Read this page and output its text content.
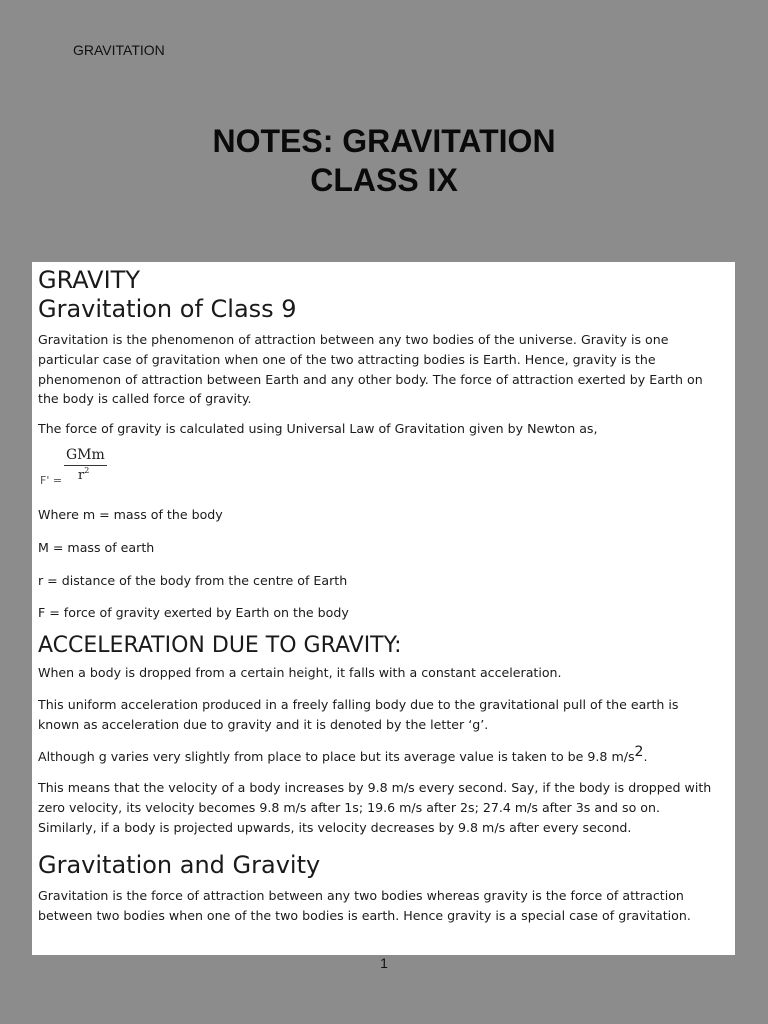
GRAVITATION
NOTES: GRAVITATION
CLASS IX
GRAVITY
Gravitation of Class 9

Gravitation is the phenomenon of attraction between any two bodies of the universe. Gravity is one particular case of gravitation when one of the two attracting bodies is Earth. Hence, gravity is the phenomenon of attraction between Earth and any other body. The force of attraction exerted by Earth on the body is called force of gravity.

The force of gravity is calculated using Universal Law of Gravitation given by Newton as,

F' =
GMm
$r^2$

Where m = mass of the body

M = mass of earth

r = distance of the body from the centre of Earth

F = force of gravity exerted by Earth on the body

ACCELERATION DUE TO GRAVITY:

When a body is dropped from a certain height, it falls with a constant acceleration.

This uniform acceleration produced in a freely falling body due to the gravitational pull of the earth is known as acceleration due to gravity and it is denoted by the letter ‘g’.

Although g varies very slightly from place to place but its average value is taken to be 9.8 m/s2.

This means that the velocity of a body increases by 9.8 m/s every second. Say, if the body is dropped with zero velocity, its velocity becomes 9.8 m/s after 1s; 19.6 m/s after 2s; 27.4 m/s after 3s and so on. Similarly, if a body is projected upwards, its velocity decreases by 9.8 m/s after every second.

Gravitation and Gravity

Gravitation is the force of attraction between any two bodies whereas gravity is the force of attraction between two bodies when one of the two bodies is earth. Hence gravity is a special case of gravitation.

1
